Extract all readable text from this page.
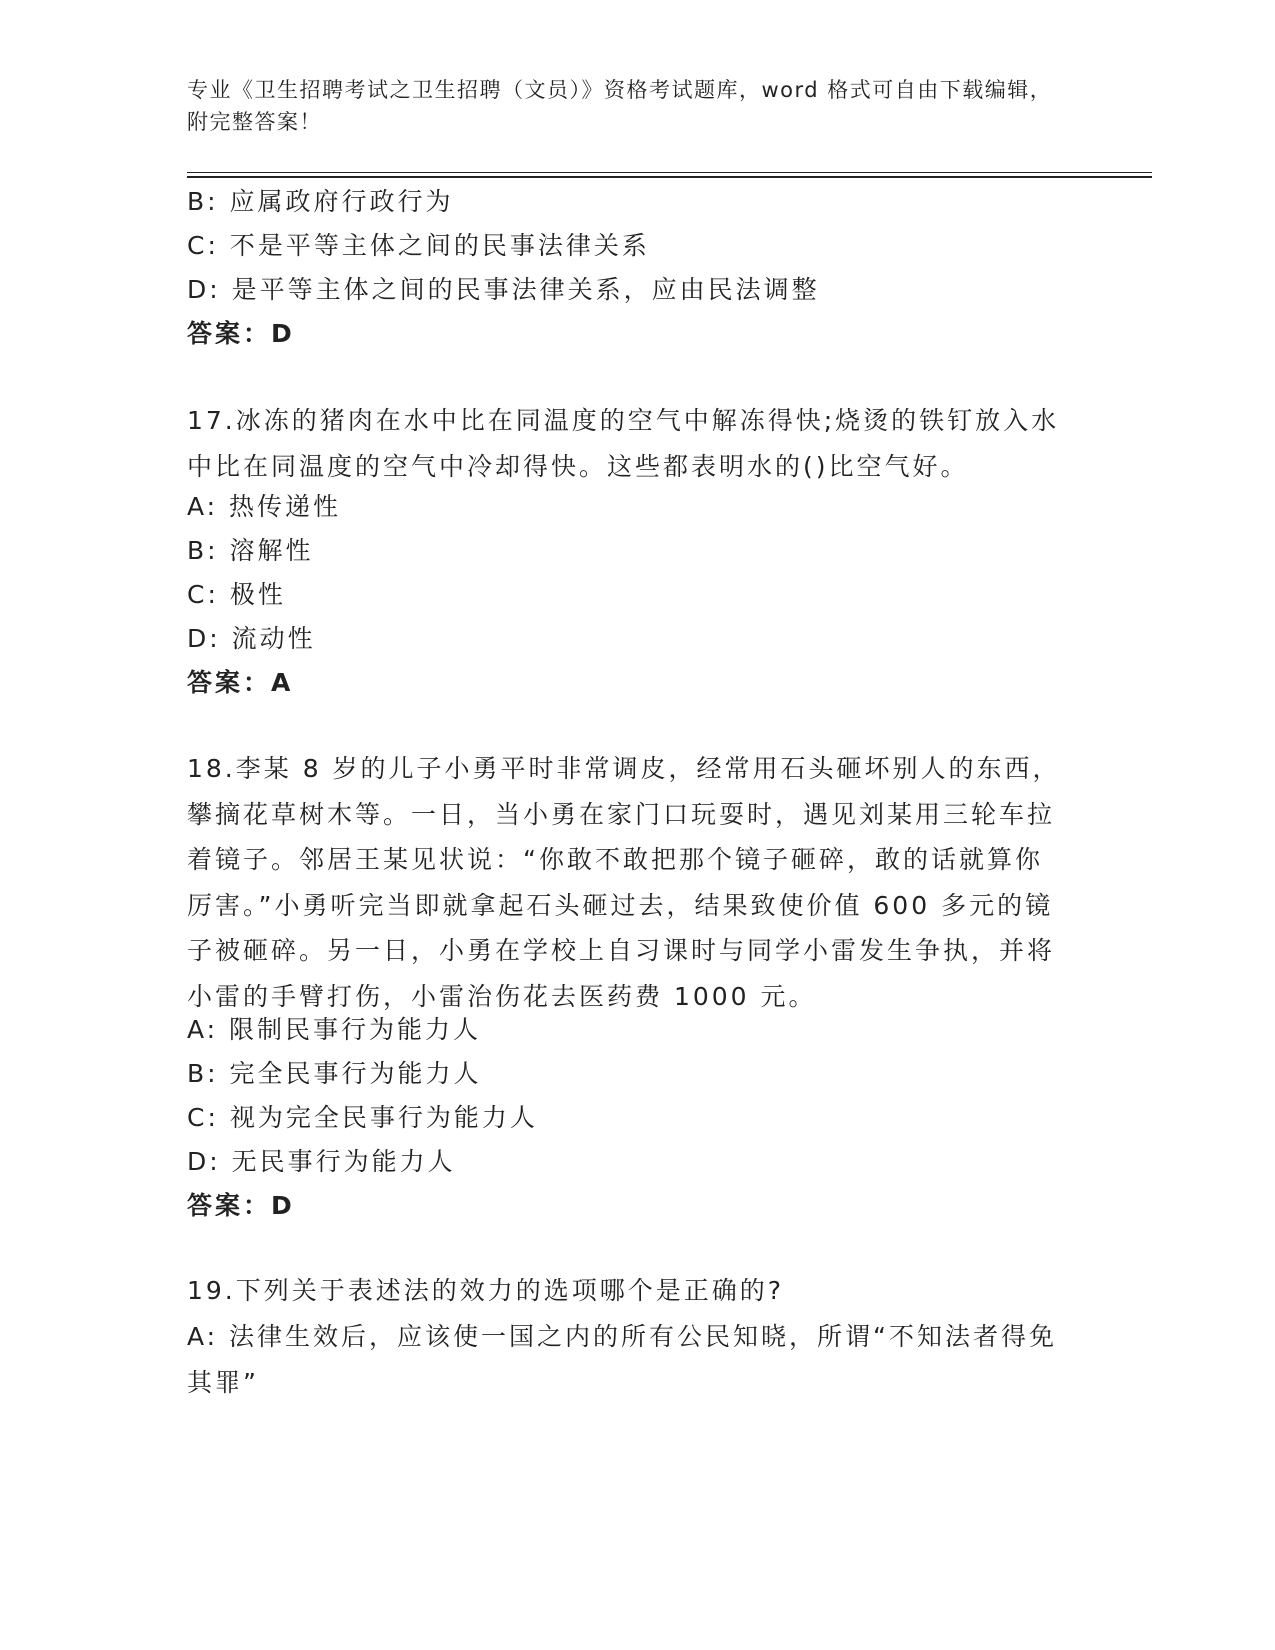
专业《卫生招聘考试之卫生招聘（文员）》资格考试题库，word 格式可自由下载编辑，附完整答案！
B: 应属政府行政行为
C: 不是平等主体之间的民事法律关系
D: 是平等主体之间的民事法律关系，应由民法调整
答案：D
17.冰冻的猪肉在水中比在同温度的空气中解冻得快;烧烫的铁钉放入水中比在同温度的空气中冷却得快。这些都表明水的()比空气好。
A: 热传递性
B: 溶解性
C: 极性
D: 流动性
答案：A
18.李某 8 岁的儿子小勇平时非常调皮，经常用石头砸坏别人的东西，攀摘花草树木等。一日，当小勇在家门口玩耍时，遇见刘某用三轮车拉着镜子。邻居王某见状说：“你敢不敢把那个镜子砸碎，敢的话就算你厉害。”小勇听完当即就拿起石头砸过去，结果致使价值 600 多元的镜子被砸碎。另一日，小勇在学校上自习课时与同学小雷发生争执，并将小雷的手臂打伤，小雷治伤花去医药费 1000 元。
A: 限制民事行为能力人
B: 完全民事行为能力人
C: 视为完全民事行为能力人
D: 无民事行为能力人
答案：D
19.下列关于表述法的效力的选项哪个是正确的?
A: 法律生效后，应该使一国之内的所有公民知晓，所谓“不知法者得免其罪”
